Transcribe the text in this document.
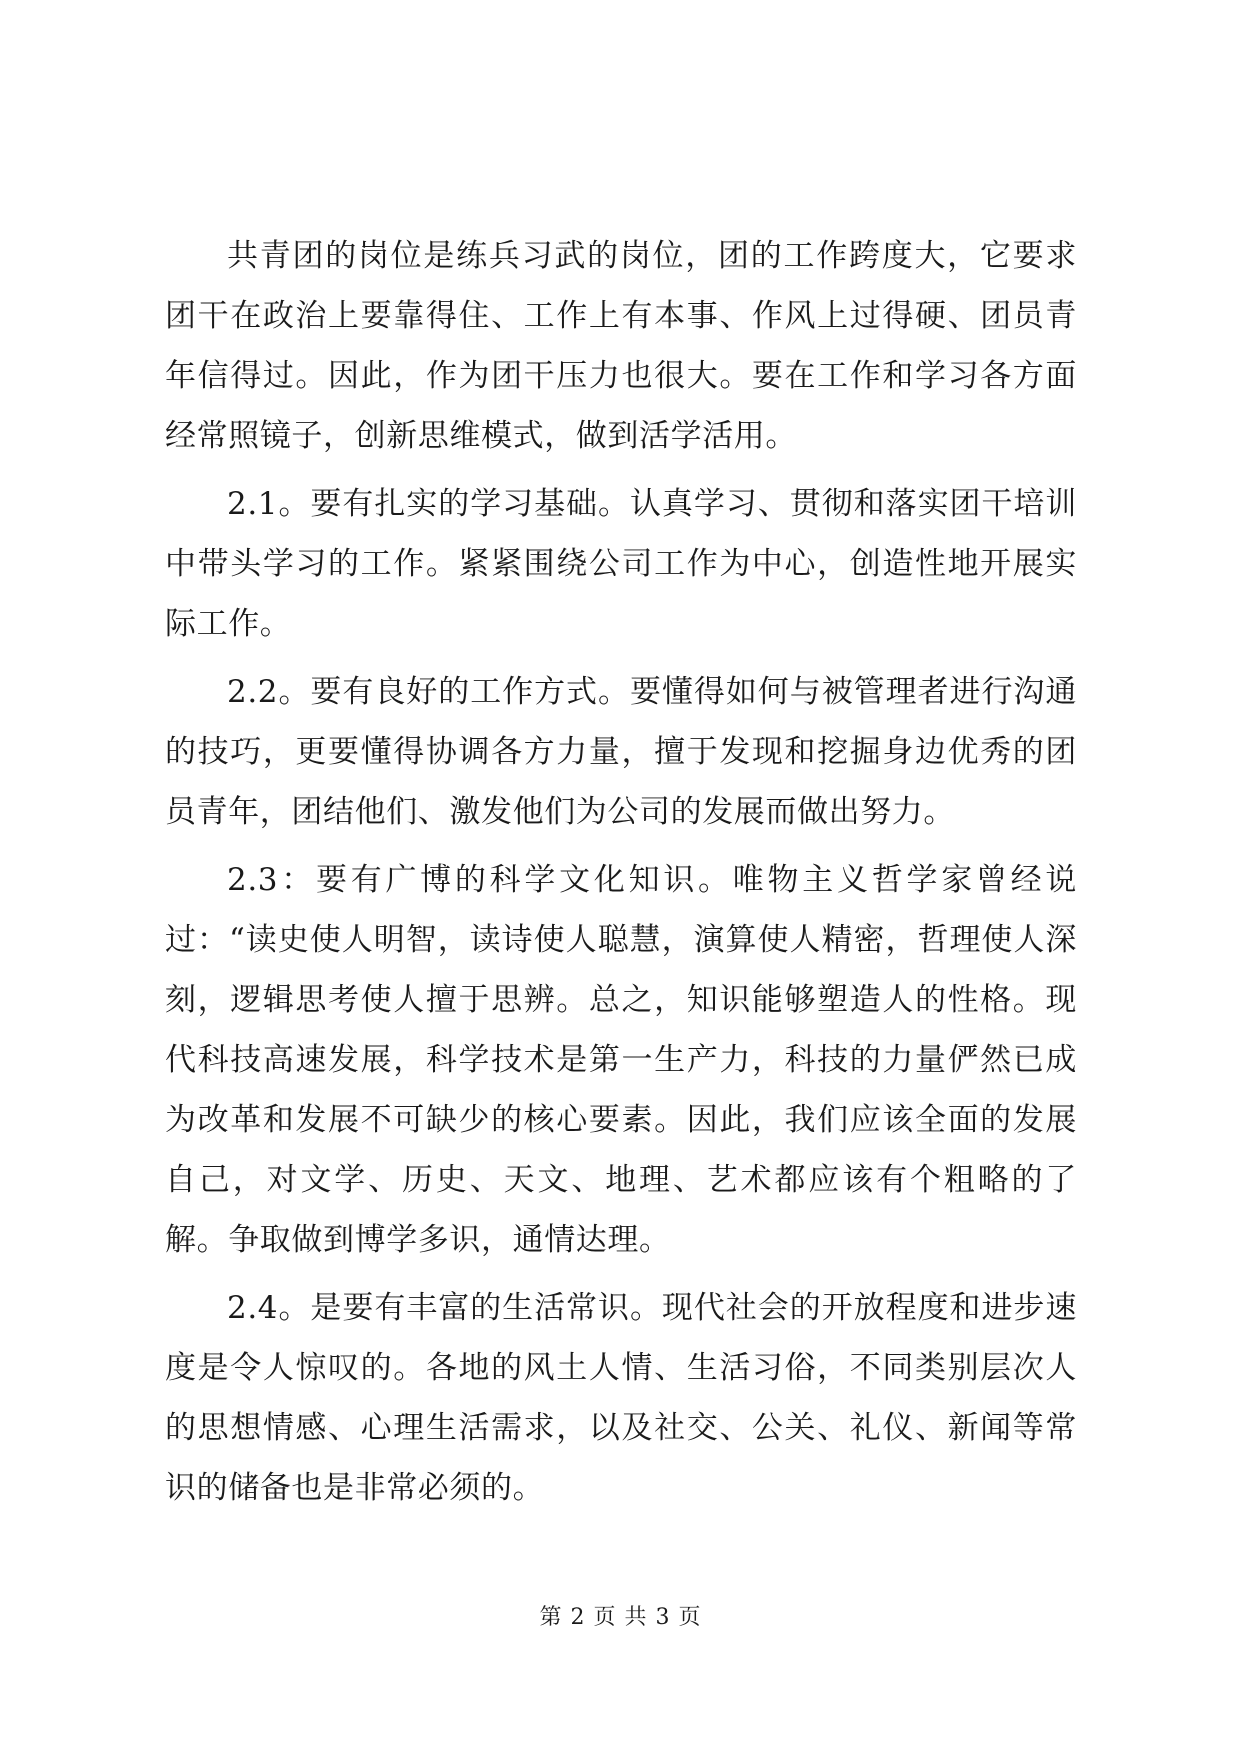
共青团的岗位是练兵习武的岗位，团的工作跨度大，它要求团干在政治上要靠得住、工作上有本事、作风上过得硬、团员青年信得过。因此，作为团干压力也很大。要在工作和学习各方面经常照镜子，创新思维模式，做到活学活用。

2.1。要有扎实的学习基础。认真学习、贯彻和落实团干培训中带头学习的工作。紧紧围绕公司工作为中心，创造性地开展实际工作。

2.2。要有良好的工作方式。要懂得如何与被管理者进行沟通的技巧，更要懂得协调各方力量，擅于发现和挖掘身边优秀的团员青年，团结他们、激发他们为公司的发展而做出努力。

2.3：要有广博的科学文化知识。唯物主义哲学家曾经说过：“读史使人明智，读诗使人聪慧，演算使人精密，哲理使人深刻，逻辑思考使人擅于思辨。总之，知识能够塑造人的性格。现代科技高速发展，科学技术是第一生产力，科技的力量俨然已成为改革和发展不可缺少的核心要素。因此，我们应该全面的发展自己，对文学、历史、天文、地理、艺术都应该有个粗略的了解。争取做到博学多识，通情达理。

2.4。是要有丰富的生活常识。现代社会的开放程度和进步速度是令人惊叹的。各地的风土人情、生活习俗，不同类别层次人的思想情感、心理生活需求，以及社交、公关、礼仪、新闻等常识的储备也是非常必须的。

第 2 页 共 3 页
